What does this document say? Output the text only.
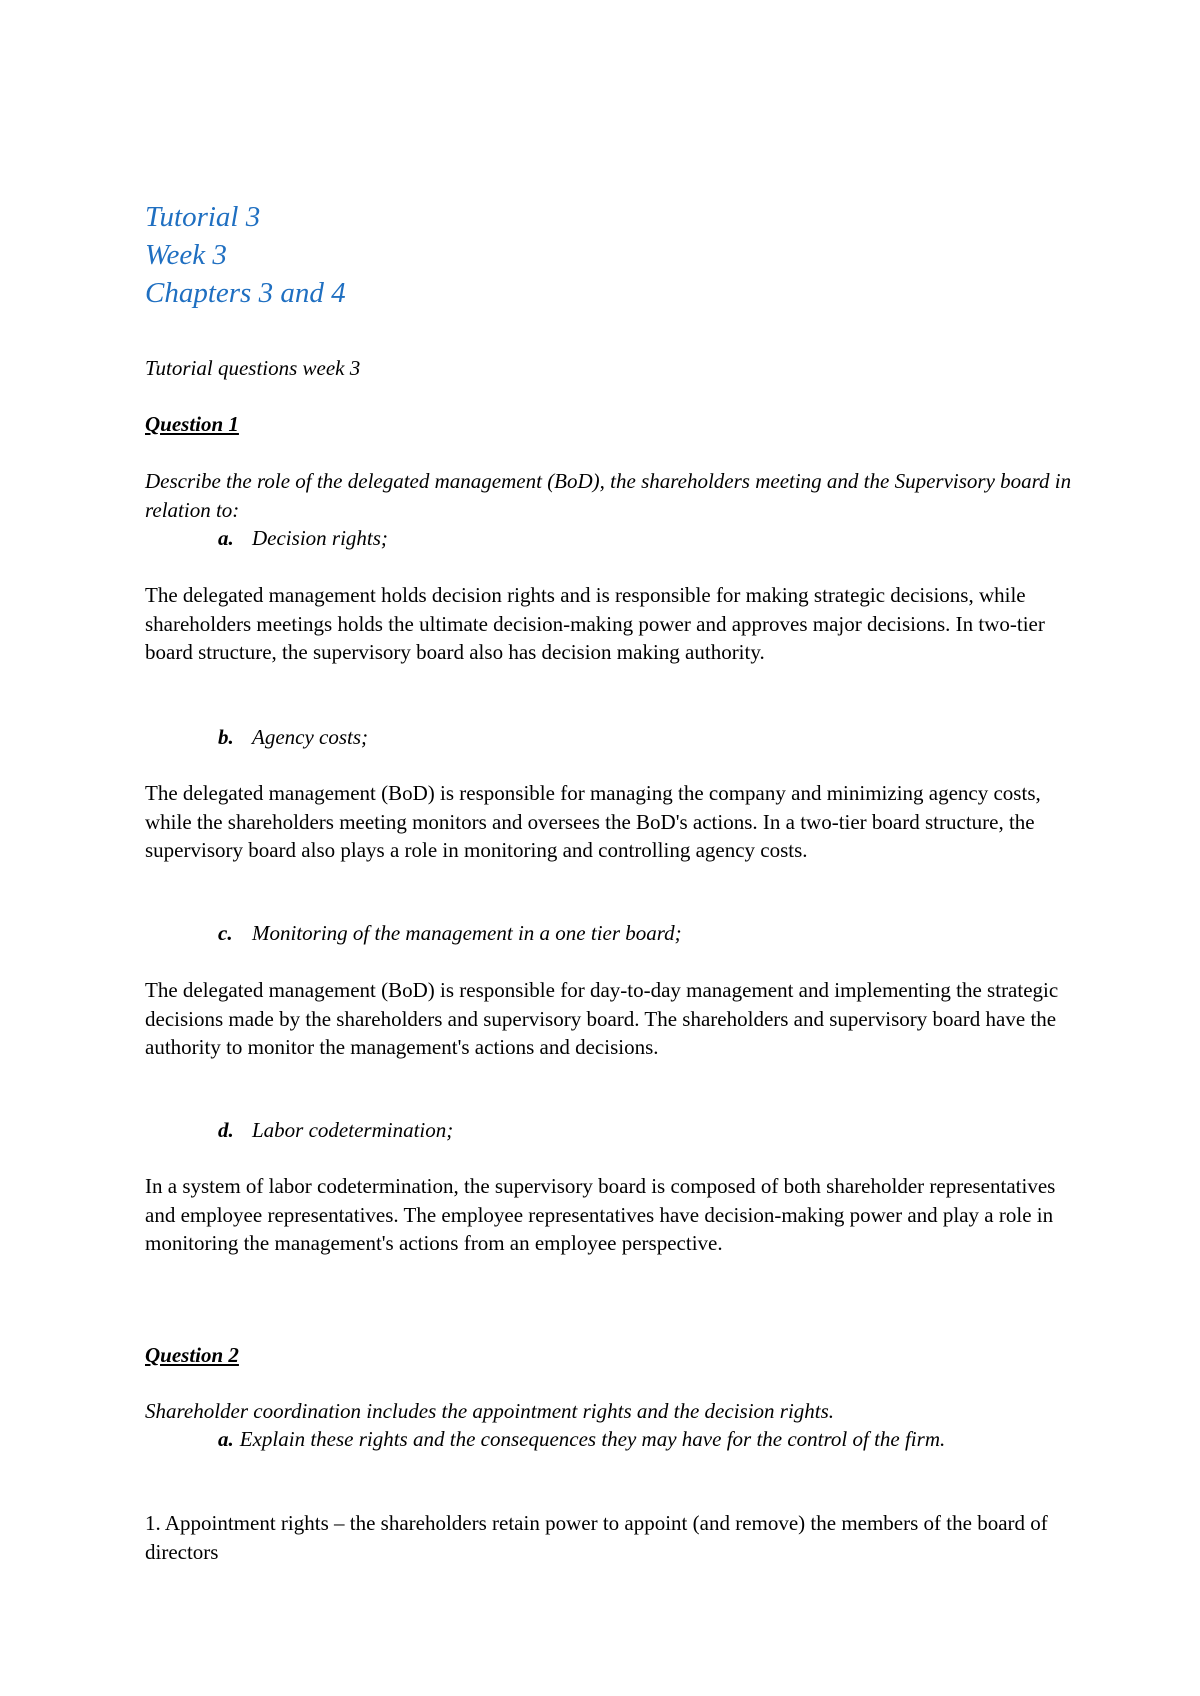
Tutorial 3
Week 3
Chapters 3 and 4
Tutorial questions week 3
Question 1
Describe the role of the delegated management (BoD), the shareholders meeting and the Supervisory board in relation to:
a. Decision rights;
The delegated management holds decision rights and is responsible for making strategic decisions, while shareholders meetings holds the ultimate decision-making power and approves major decisions. In two-tier board structure, the supervisory board also has decision making authority.
b. Agency costs;
The delegated management (BoD) is responsible for managing the company and minimizing agency costs, while the shareholders meeting monitors and oversees the BoD's actions. In a two-tier board structure, the supervisory board also plays a role in monitoring and controlling agency costs.
c. Monitoring of the management in a one tier board;
The delegated management (BoD) is responsible for day-to-day management and implementing the strategic decisions made by the shareholders and supervisory board. The shareholders and supervisory board have the authority to monitor the management's actions and decisions.
d. Labor codetermination;
In a system of labor codetermination, the supervisory board is composed of both shareholder representatives and employee representatives. The employee representatives have decision-making power and play a role in monitoring the management's actions from an employee perspective.
Question 2
Shareholder coordination includes the appointment rights and the decision rights.
a. Explain these rights and the consequences they may have for the control of the firm.
1. Appointment rights – the shareholders retain power to appoint (and remove) the members of the board of directors
